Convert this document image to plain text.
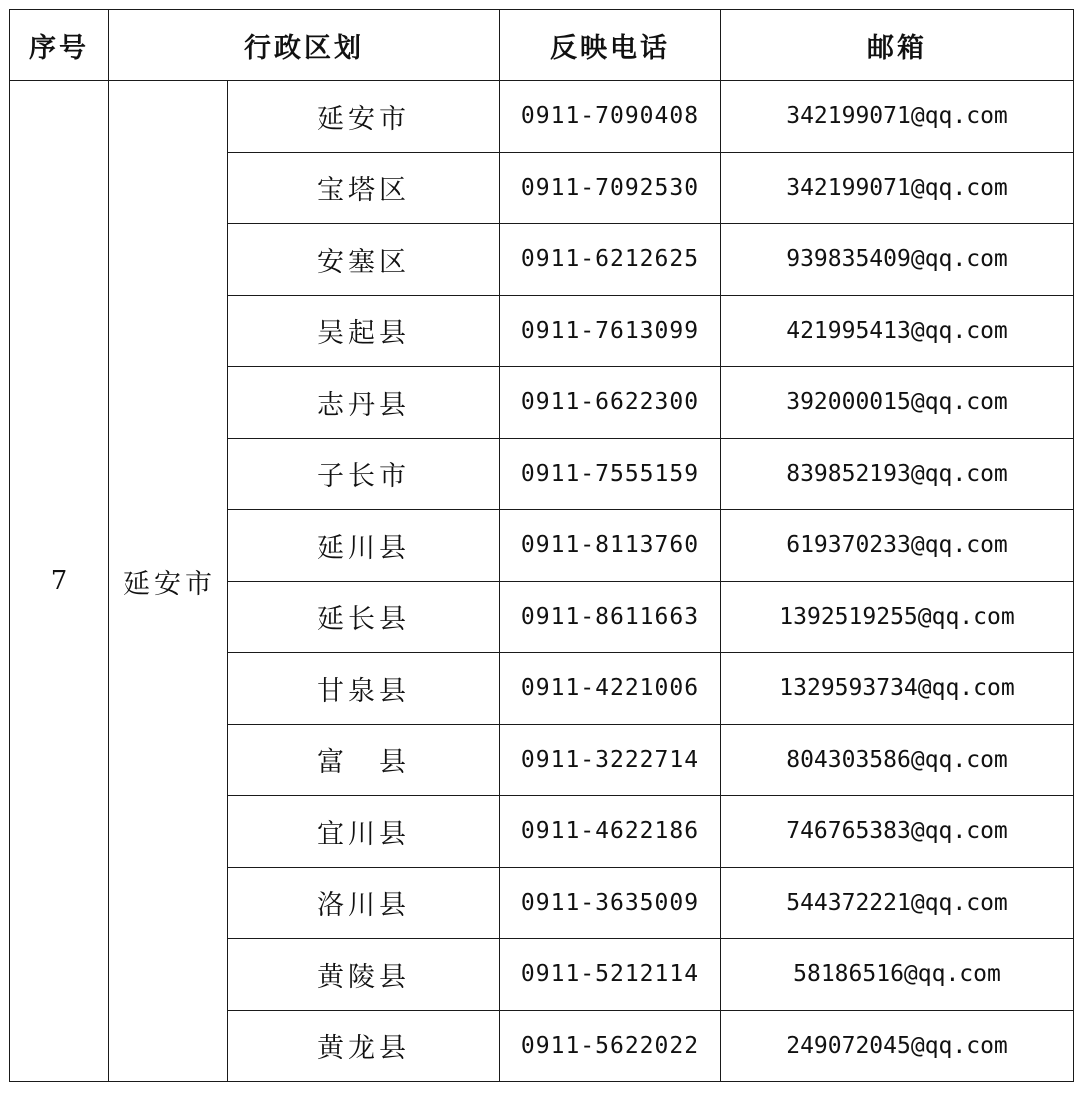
序号	行政区划		反映电话	邮箱
7	延安市	延安市	0911-7090408	342199071@qq.com
		宝塔区	0911-7092530	342199071@qq.com
		安塞区	0911-6212625	939835409@qq.com
		吴起县	0911-7613099	421995413@qq.com
		志丹县	0911-6622300	392000015@qq.com
		子长市	0911-7555159	839852193@qq.com
		延川县	0911-8113760	619370233@qq.com
		延长县	0911-8611663	1392519255@qq.com
		甘泉县	0911-4221006	1329593734@qq.com
		富　县	0911-3222714	804303586@qq.com
		宜川县	0911-4622186	746765383@qq.com
		洛川县	0911-3635009	544372221@qq.com
		黄陵县	0911-5212114	58186516@qq.com
		黄龙县	0911-5622022	249072045@qq.com
